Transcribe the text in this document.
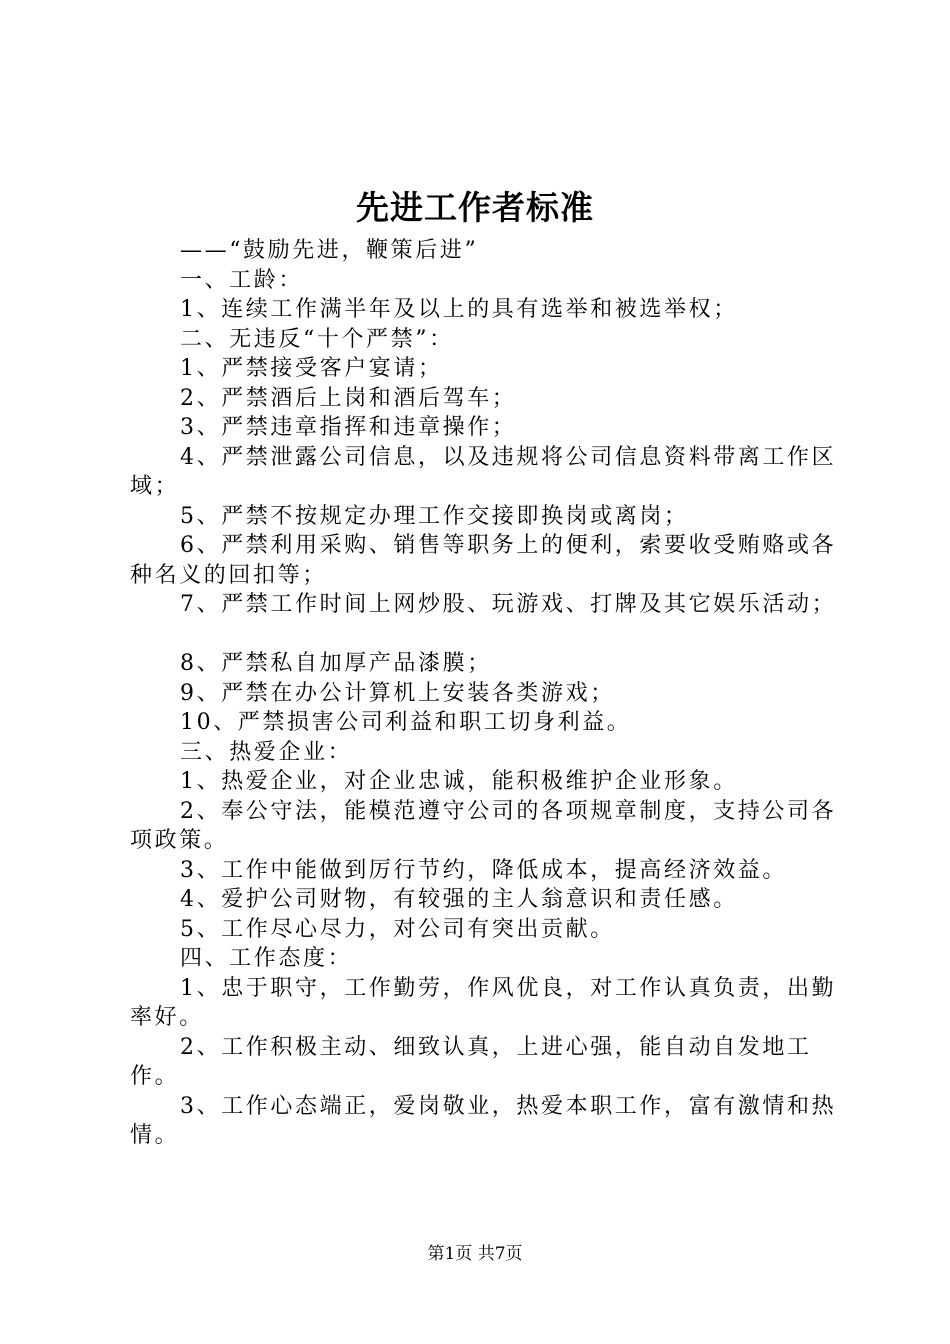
先进工作者标准

——“鼓励先进，鞭策后进”

一、工龄：

1、连续工作满半年及以上的具有选举和被选举权；

二、无违反“十个严禁”：

1、严禁接受客户宴请；

2、严禁酒后上岗和酒后驾车；

3、严禁违章指挥和违章操作；

4、严禁泄露公司信息，以及违规将公司信息资料带离工作区域；

5、严禁不按规定办理工作交接即换岗或离岗；

6、严禁利用采购、销售等职务上的便利，索要收受贿赂或各种名义的回扣等；

7、严禁工作时间上网炒股、玩游戏、打牌及其它娱乐活动；

8、严禁私自加厚产品漆膜；

9、严禁在办公计算机上安装各类游戏；

10、严禁损害公司利益和职工切身利益。

三、热爱企业：

1、热爱企业，对企业忠诚，能积极维护企业形象。

2、奉公守法，能模范遵守公司的各项规章制度，支持公司各项政策。

3、工作中能做到厉行节约，降低成本，提高经济效益。

4、爱护公司财物，有较强的主人翁意识和责任感。

5、工作尽心尽力，对公司有突出贡献。

四、工作态度：

1、忠于职守，工作勤劳，作风优良，对工作认真负责，出勤率好。

2、工作积极主动、细致认真，上进心强，能自动自发地工作。

3、工作心态端正，爱岗敬业，热爱本职工作，富有激情和热情。

第1页 共7页
